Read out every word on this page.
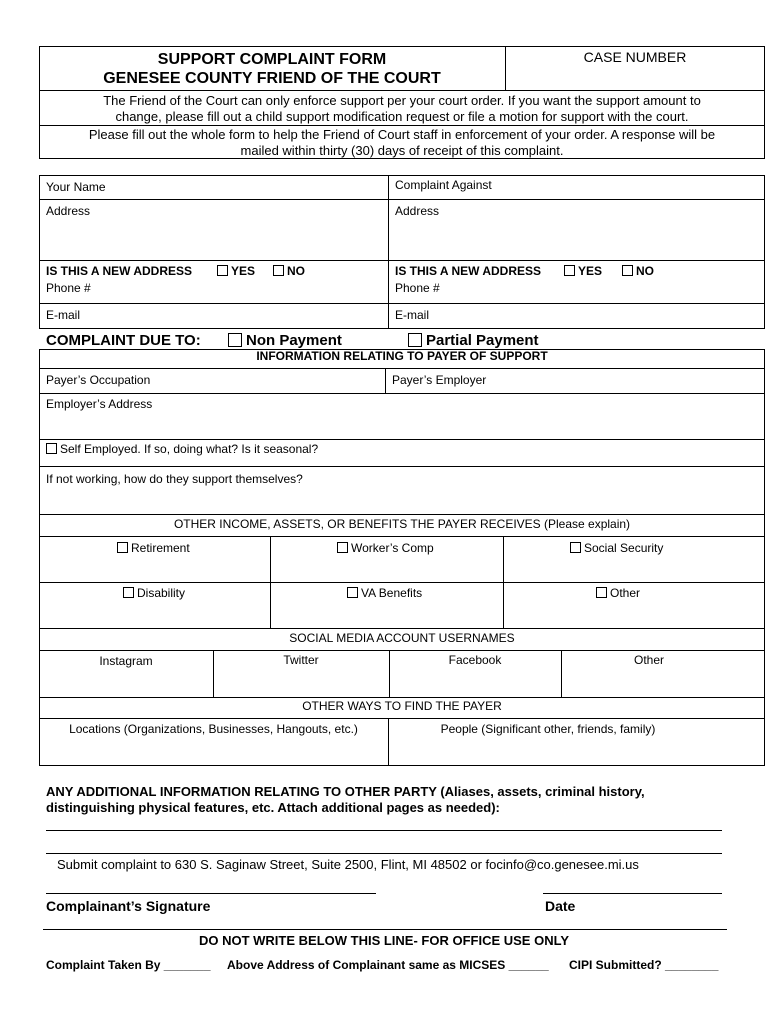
SUPPORT COMPLAINT FORM
GENESEE COUNTY FRIEND OF THE COURT
CASE NUMBER
The Friend of the Court can only enforce support per your court order. If you want the support amount to
change, please fill out a child support modification request or file a motion for support with the court.
Please fill out the whole form to help the Friend of Court staff in enforcement of your order. A response will be
mailed within thirty (30) days of receipt of this complaint.
Your Name	Complaint Against
Address	Address
IS THIS A NEW ADDRESS	YES	NO	IS THIS A NEW ADDRESS	YES	NO
Phone #	Phone #
E-mail	E-mail
COMPLAINT DUE TO:	Non Payment	Partial Payment
INFORMATION RELATING TO PAYER OF SUPPORT
Payer’s Occupation	Payer’s Employer
Employer’s Address
Self Employed. If so, doing what? Is it seasonal?
If not working, how do they support themselves?
OTHER INCOME, ASSETS, OR BENEFITS THE PAYER RECEIVES (Please explain)
Retirement	Worker’s Comp	Social Security
Disability	VA Benefits	Other
SOCIAL MEDIA ACCOUNT USERNAMES
Instagram	Twitter	Facebook	Other
OTHER WAYS TO FIND THE PAYER
Locations (Organizations, Businesses, Hangouts, etc.)	People (Significant other, friends, family)
ANY ADDITIONAL INFORMATION RELATING TO OTHER PARTY (Aliases, assets, criminal history,
distinguishing physical features, etc. Attach additional pages as needed):
Submit complaint to 630 S. Saginaw Street, Suite 2500, Flint, MI 48502 or focinfo@co.genesee.mi.us
Complainant’s Signature	Date
DO NOT WRITE BELOW THIS LINE- FOR OFFICE USE ONLY
Complaint Taken By _______ Above Address of Complainant same as MICSES ______ CIPI Submitted? ________
